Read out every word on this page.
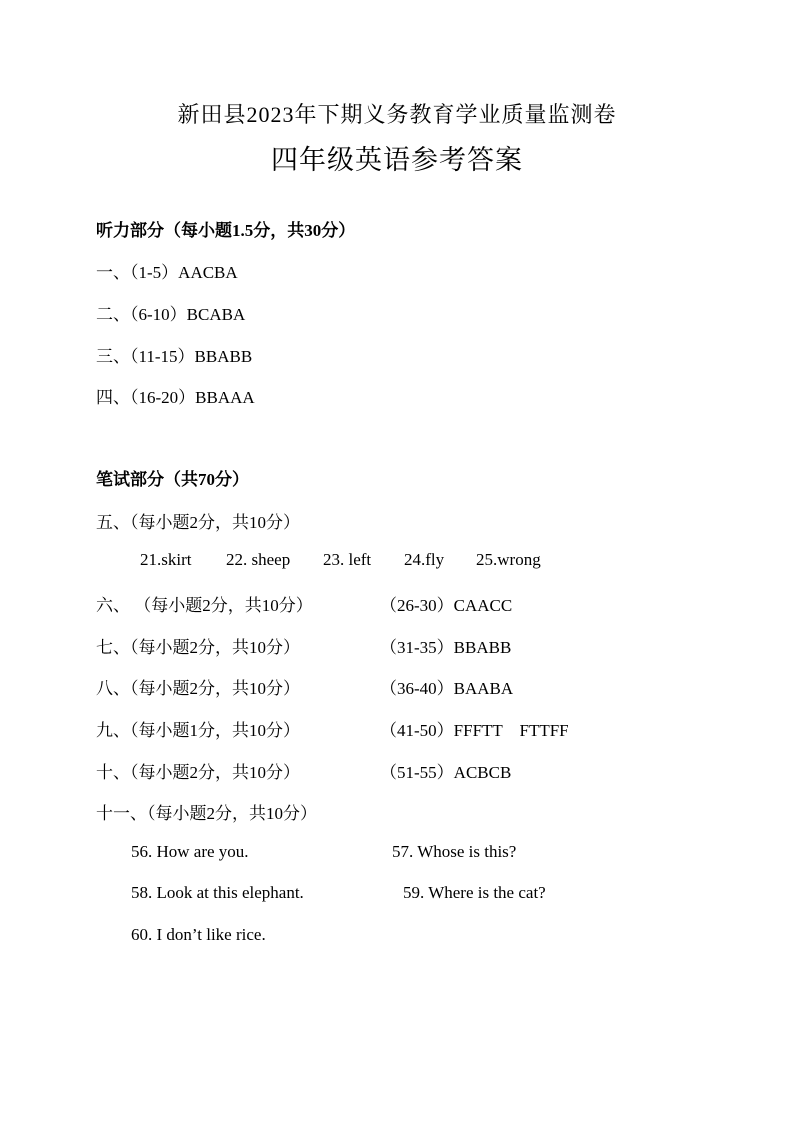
新田县2023年下期义务教育学业质量监测卷
四年级英语参考答案
听力部分（每小题1.5分，共30分）
一、（1-5）AACBA
二、（6-10）BCABA
三、（11-15）BBABB
四、（16-20）BBAAA
笔试部分（共70分）
五、（每小题2分，共10分）
21.skirt 22. sheep 23. left 24.fly 25.wrong
六、 （每小题2分，共10分）	（26-30）CAACC
七、（每小题2分，共10分）	（31-35）BBABB
八、（每小题2分，共10分）	（36-40）BAABA
九、（每小题1分，共10分）	（41-50）FFFTT    FTTFF
十、（每小题2分，共10分）	（51-55）ACBCB
十一、（每小题2分，共10分）
56. How are you.	57. Whose is this?
58. Look at this elephant.	59. Where is the cat?
60. I don’t like rice.
